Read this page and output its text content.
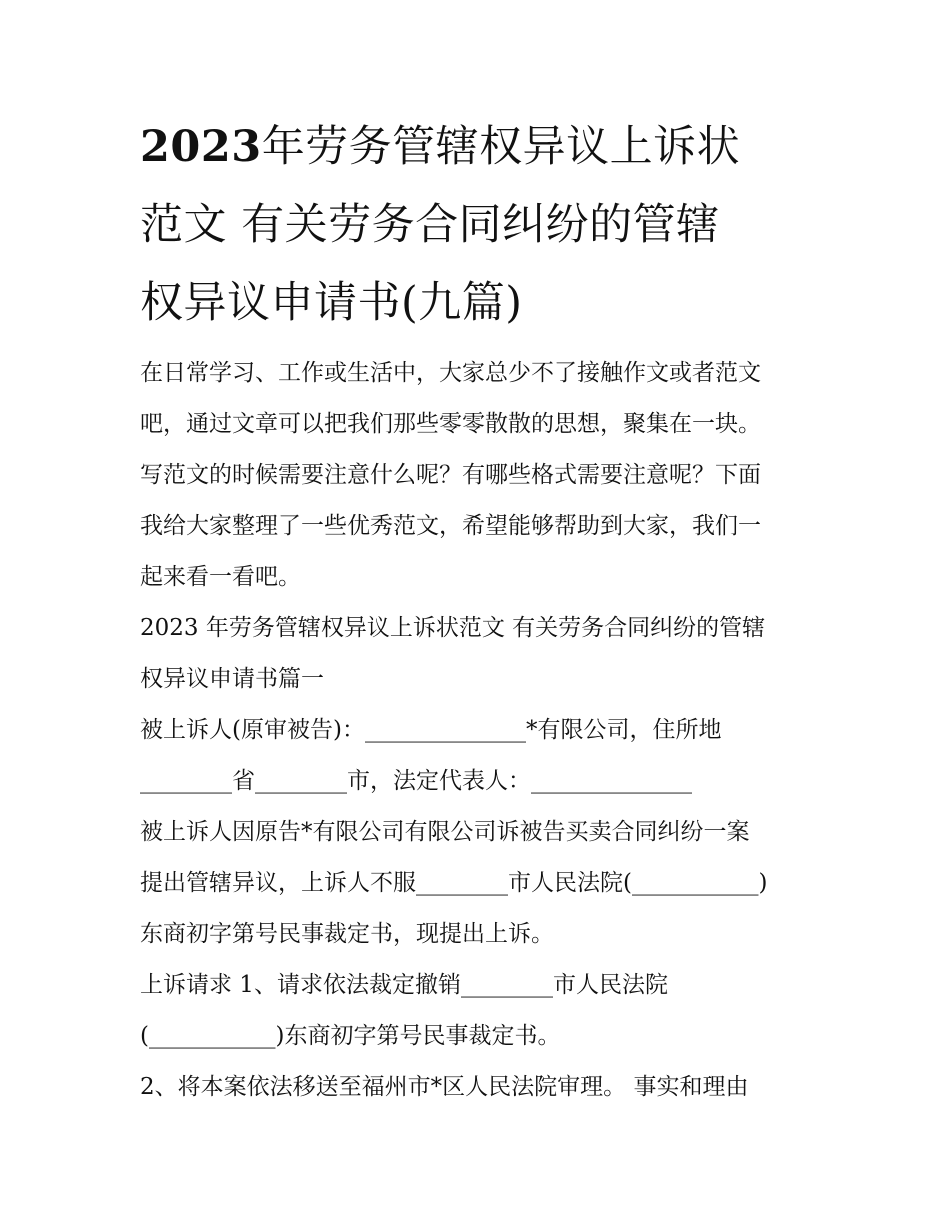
2023年劳务管辖权异议上诉状
范文 有关劳务合同纠纷的管辖
权异议申请书(九篇)
在日常学习、工作或生活中，大家总少不了接触作文或者范文
吧，通过文章可以把我们那些零零散散的思想，聚集在一块。
写范文的时候需要注意什么呢？有哪些格式需要注意呢？下面
我给大家整理了一些优秀范文，希望能够帮助到大家，我们一
起来看一看吧。
2023 年劳务管辖权异议上诉状范文 有关劳务合同纠纷的管辖
权异议申请书篇一
被上诉人(原审被告)：______________*有限公司，住所地
________省________市，法定代表人：______________
被上诉人因原告*有限公司有限公司诉被告买卖合同纠纷一案
提出管辖异议，上诉人不服________市人民法院(___________)
东商初字第号民事裁定书，现提出上诉。
上诉请求 1、请求依法裁定撤销________市人民法院
(___________)东商初字第号民事裁定书。
2、将本案依法移送至福州市*区人民法院审理。 事实和理由
